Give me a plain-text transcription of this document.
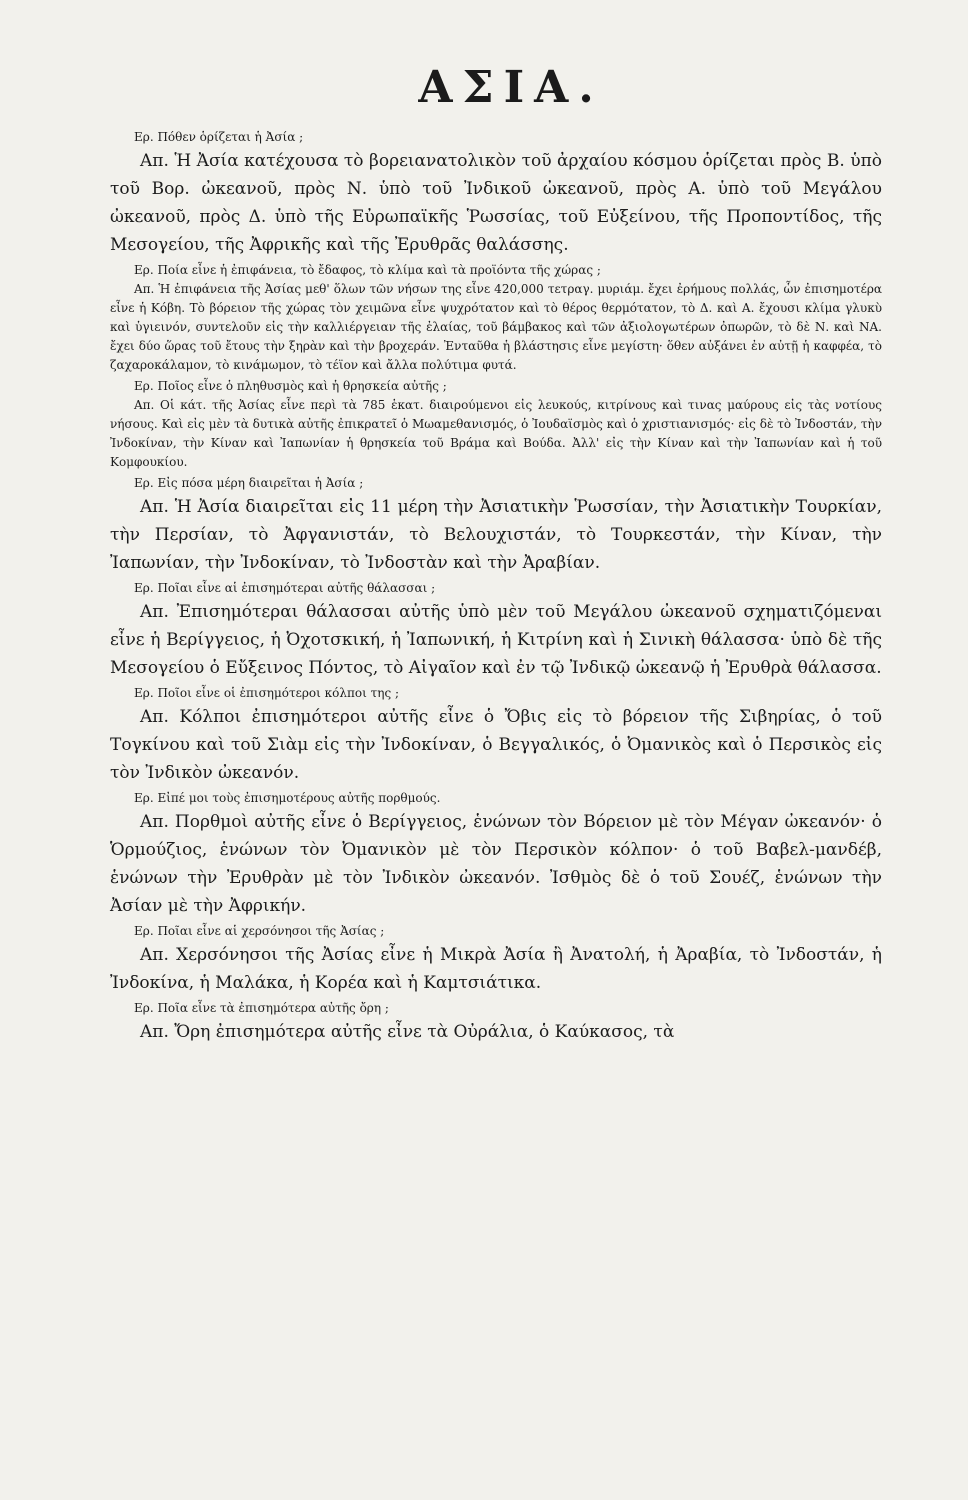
ΑΣΙΑ.

Ερ. Πόθεν ὁρίζεται ἡ Ἀσία ;

Απ. Ἡ Ἀσία κατέχουσα τὸ βορειανατολικὸν τοῦ ἀρχαίου κόσμου ὁρίζεται πρὸς Β. ὑπὸ τοῦ Βορ. ὠκεανοῦ, πρὸς Ν. ὑπὸ τοῦ Ἰνδικοῦ ὠκεανοῦ, πρὸς Α. ὑπὸ τοῦ Μεγάλου ὠκεανοῦ, πρὸς Δ. ὑπὸ τῆς Εὐρωπαϊκῆς Ῥωσσίας, τοῦ Εὐξείνου, τῆς Προποντίδος, τῆς Μεσογείου, τῆς Ἀφρικῆς καὶ τῆς Ἐρυθρᾶς θαλάσσης.

Ερ. Ποία εἶνε ἡ ἐπιφάνεια, τὸ ἔδαφος, τὸ κλίμα καὶ τὰ προϊόντα τῆς χώρας ;

Απ. Ἡ ἐπιφάνεια τῆς Ἀσίας μεθ' ὅλων τῶν νήσων της εἶνε 420,000 τετραγ. μυριάμ. ἔχει ἐρήμους πολλάς, ὧν ἐπισημοτέρα εἶνε ἡ Κόβη. Τὸ βόρειον τῆς χώρας τὸν χειμῶνα εἶνε ψυχρότατον καὶ τὸ θέρος θερμότατον, τὸ Δ. καὶ Α. ἔχουσι κλίμα γλυκὺ καὶ ὑγιεινόν, συντελοῦν εἰς τὴν καλλιέργειαν τῆς ἐλαίας, τοῦ βάμβακος καὶ τῶν ἀξιολογωτέρων ὀπωρῶν, τὸ δὲ Ν. καὶ ΝΑ. ἔχει δύο ὥρας τοῦ ἔτους τὴν ξηρὰν καὶ τὴν βροχεράν. Ἐνταῦθα ἡ βλάστησις εἶνε μεγίστη· ὅθεν αὐξάνει ἐν αὐτῇ ἡ καφφέα, τὸ ζαχαροκάλαμον, τὸ κινάμωμον, τὸ τέϊον καὶ ἄλλα πολύτιμα φυτά.

Ερ. Ποῖος εἶνε ὁ πληθυσμὸς καὶ ἡ θρησκεία αὐτῆς ;

Απ. Οἱ κάτ. τῆς Ἀσίας εἶνε περὶ τὰ 785 ἑκατ. διαιρούμενοι εἰς λευκούς, κιτρίνους καὶ τινας μαύρους εἰς τὰς νοτίους νήσους. Καὶ εἰς μὲν τὰ δυτικὰ αὐτῆς ἐπικρατεῖ ὁ Μωαμεθανισμός, ὁ Ἰουδαϊσμὸς καὶ ὁ χριστιανισμός· εἰς δὲ τὸ Ἰνδοστάν, τὴν Ἰνδοκίναν, τὴν Κίναν καὶ Ἰαπωνίαν ἡ θρησκεία τοῦ Βράμα καὶ Βούδα. Ἀλλ' εἰς τὴν Κίναν καὶ τὴν Ἰαπωνίαν καὶ ἡ τοῦ Κομφουκίου.

Ερ. Εἰς πόσα μέρη διαιρεῖται ἡ Ἀσία ;

Απ. Ἡ Ἀσία διαιρεῖται εἰς 11 μέρη τὴν Ἀσιατικὴν Ῥωσσίαν, τὴν Ἀσιατικὴν Τουρκίαν, τὴν Περσίαν, τὸ Ἀφγανιστάν, τὸ Βελουχιστάν, τὸ Τουρκεστάν, τὴν Κίναν, τὴν Ἰαπωνίαν, τὴν Ἰνδοκίναν, τὸ Ἰνδοστὰν καὶ τὴν Ἀραβίαν.

Ερ. Ποῖαι εἶνε αἱ ἐπισημότεραι αὐτῆς θάλασσαι ;

Απ. Ἐπισημότεραι θάλασσαι αὐτῆς ὑπὸ μὲν τοῦ Μεγάλου ὠκεανοῦ σχηματιζόμεναι εἶνε ἡ Βερίγγειος, ἡ Ὀχοτσκική, ἡ Ἰαπωνική, ἡ Κιτρίνη καὶ ἡ Σινικὴ θάλασσα· ὑπὸ δὲ τῆς Μεσογείου ὁ Εὔξεινος Πόντος, τὸ Αἰγαῖον καὶ ἐν τῷ Ἰνδικῷ ὠκεανῷ ἡ Ἐρυθρὰ θάλασσα.

Ερ. Ποῖοι εἶνε οἱ ἐπισημότεροι κόλποι της ;

Απ. Κόλποι ἐπισημότεροι αὐτῆς εἶνε ὁ Ὄβις εἰς τὸ βόρειον τῆς Σιβηρίας, ὁ τοῦ Τογκίνου καὶ τοῦ Σιὰμ εἰς τὴν Ἰνδοκίναν, ὁ Βεγγαλικός, ὁ Ὀμανικὸς καὶ ὁ Περσικὸς εἰς τὸν Ἰνδικὸν ὠκεανόν.

Ερ. Εἰπέ μοι τοὺς ἐπισημοτέρους αὐτῆς πορθμούς.

Απ. Πορθμοὶ αὐτῆς εἶνε ὁ Βερίγγειος, ἑνώνων τὸν Βόρειον μὲ τὸν Μέγαν ὠκεανόν· ὁ Ὁρμούζιος, ἑνώνων τὸν Ὀμανικὸν μὲ τὸν Περσικὸν κόλπον· ὁ τοῦ Βαβελ-μανδέβ, ἑνώνων τὴν Ἐρυθρὰν μὲ τὸν Ἰνδικὸν ὠκεανόν. Ἰσθμὸς δὲ ὁ τοῦ Σουέζ, ἑνώνων τὴν Ἀσίαν μὲ τὴν Ἀφρικήν.

Ερ. Ποῖαι εἶνε αἱ χερσόνησοι τῆς Ἀσίας ;

Απ. Χερσόνησοι τῆς Ἀσίας εἶνε ἡ Μικρὰ Ἀσία ἢ Ἀνατολή, ἡ Ἀραβία, τὸ Ἰνδοστάν, ἡ Ἰνδοκίνα, ἡ Μαλάκα, ἡ Κορέα καὶ ἡ Καμτσιάτικα.

Ερ. Ποῖα εἶνε τὰ ἐπισημότερα αὐτῆς ὄρη ;

Απ. Ὄρη ἐπισημότερα αὐτῆς εἶνε τὰ Οὐράλια, ὁ Καύκασος, τὰ
